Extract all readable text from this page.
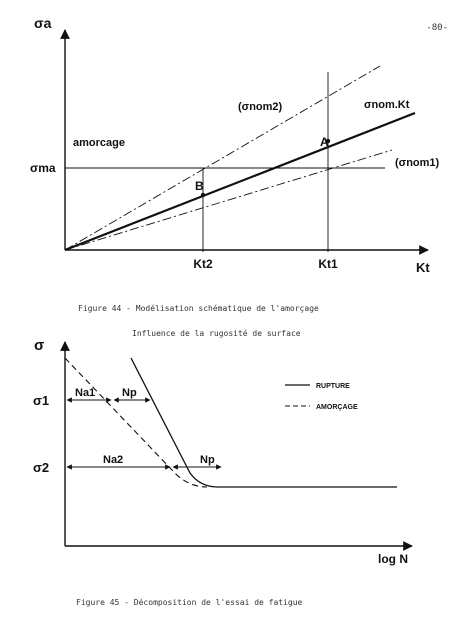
-80-
σa
Kt
σma
amorcage
(σnom2)	σnom.Kt
(σnom1)
A
B
Kt2	Kt1
Figure 44 - Modélisation schématique de l'amorçage
Influence de la rugosité de surface
σ
σ1
σ2
Na1 Np
Na2	Np
log N
RUPTURE
AMORÇAGE
Figure 45 - Décomposition de l'essai de fatigue
